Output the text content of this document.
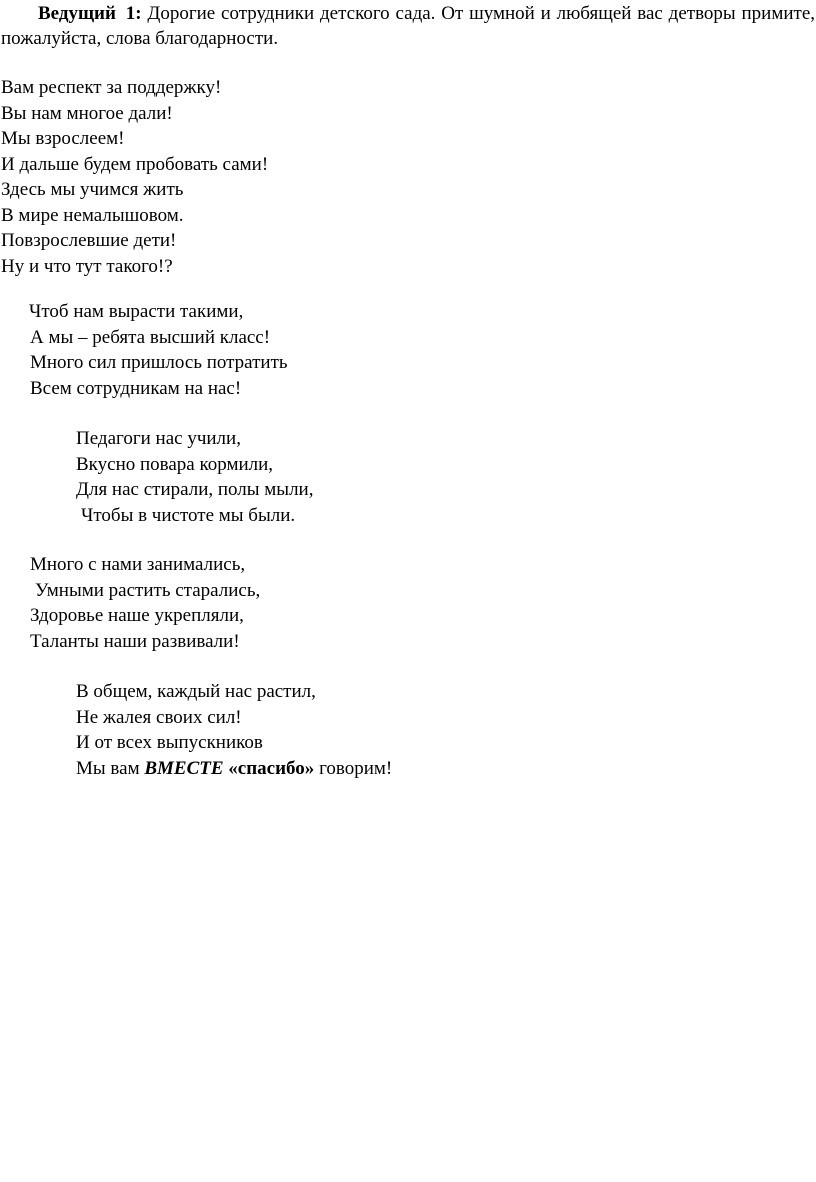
Ведущий 1: Дорогие сотрудники детского сада. От шумной и любящей вас детворы примите, пожалуйста, слова благодарности.

Вам респект за поддержку!
Вы нам многое дали!
Мы взрослеем!
И дальше будем пробовать сами!
Здесь мы учимся жить
В мире немалышовом.
Повзрослевшие дети!
Ну и что тут такого!?
Чтоб нам вырасти такими,
А мы – ребята высший класс!
Много сил пришлось потратить
Всем сотрудникам на нас!
Педагоги нас учили,
Вкусно повара кормили,
Для нас стирали, полы мыли,
Чтобы в чистоте мы были.
Много с нами занимались,
Умными растить старались,
Здоровье наше укрепляли,
Таланты наши развивали!
В общем, каждый нас растил,
Не жалея своих сил!
И от всех выпускников
Мы вам ВМЕСТЕ «спасибо» говорим!
